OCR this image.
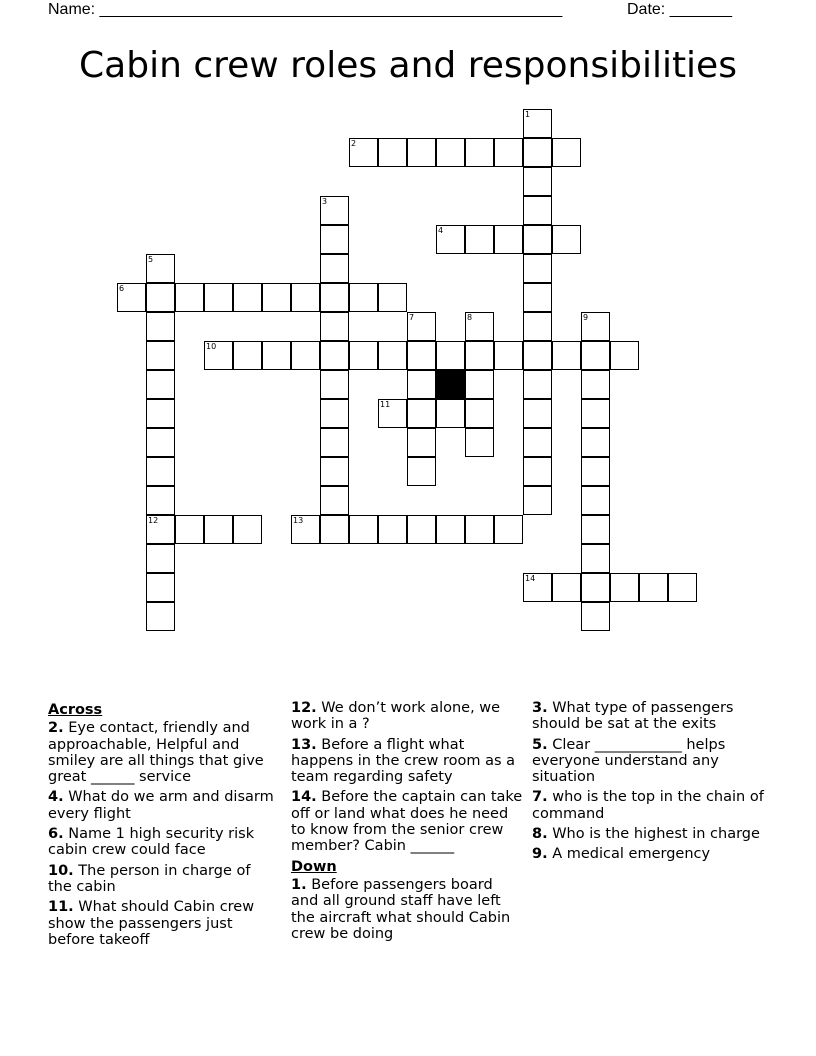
Name: ____________________________________________________	Date: _______
Cabin crew roles and responsibilities
1
2
3
4
5
12
6
7	8	9
10
11
13
14
Across
2. Eye contact, friendly and approachable, Helpful and smiley are all things that give great ______ service
4. What do we arm and disarm every flight
6. Name 1 high security risk cabin crew could face
10. The person in charge of the cabin
11. What should Cabin crew show the passengers just before takeoff
12. We don’t work alone, we work in a ?
13. Before a flight what happens in the crew room as a team regarding safety
14. Before the captain can take off or land what does he need to know from the senior crew member? Cabin ______
Down
1. Before passengers board and all ground staff have left the aircraft what should Cabin crew be doing
3. What type of passengers should be sat at the exits
5. Clear ____________ helps everyone understand any situation
7. who is the top in the chain of command
8. Who is the highest in charge
9. A medical emergency
